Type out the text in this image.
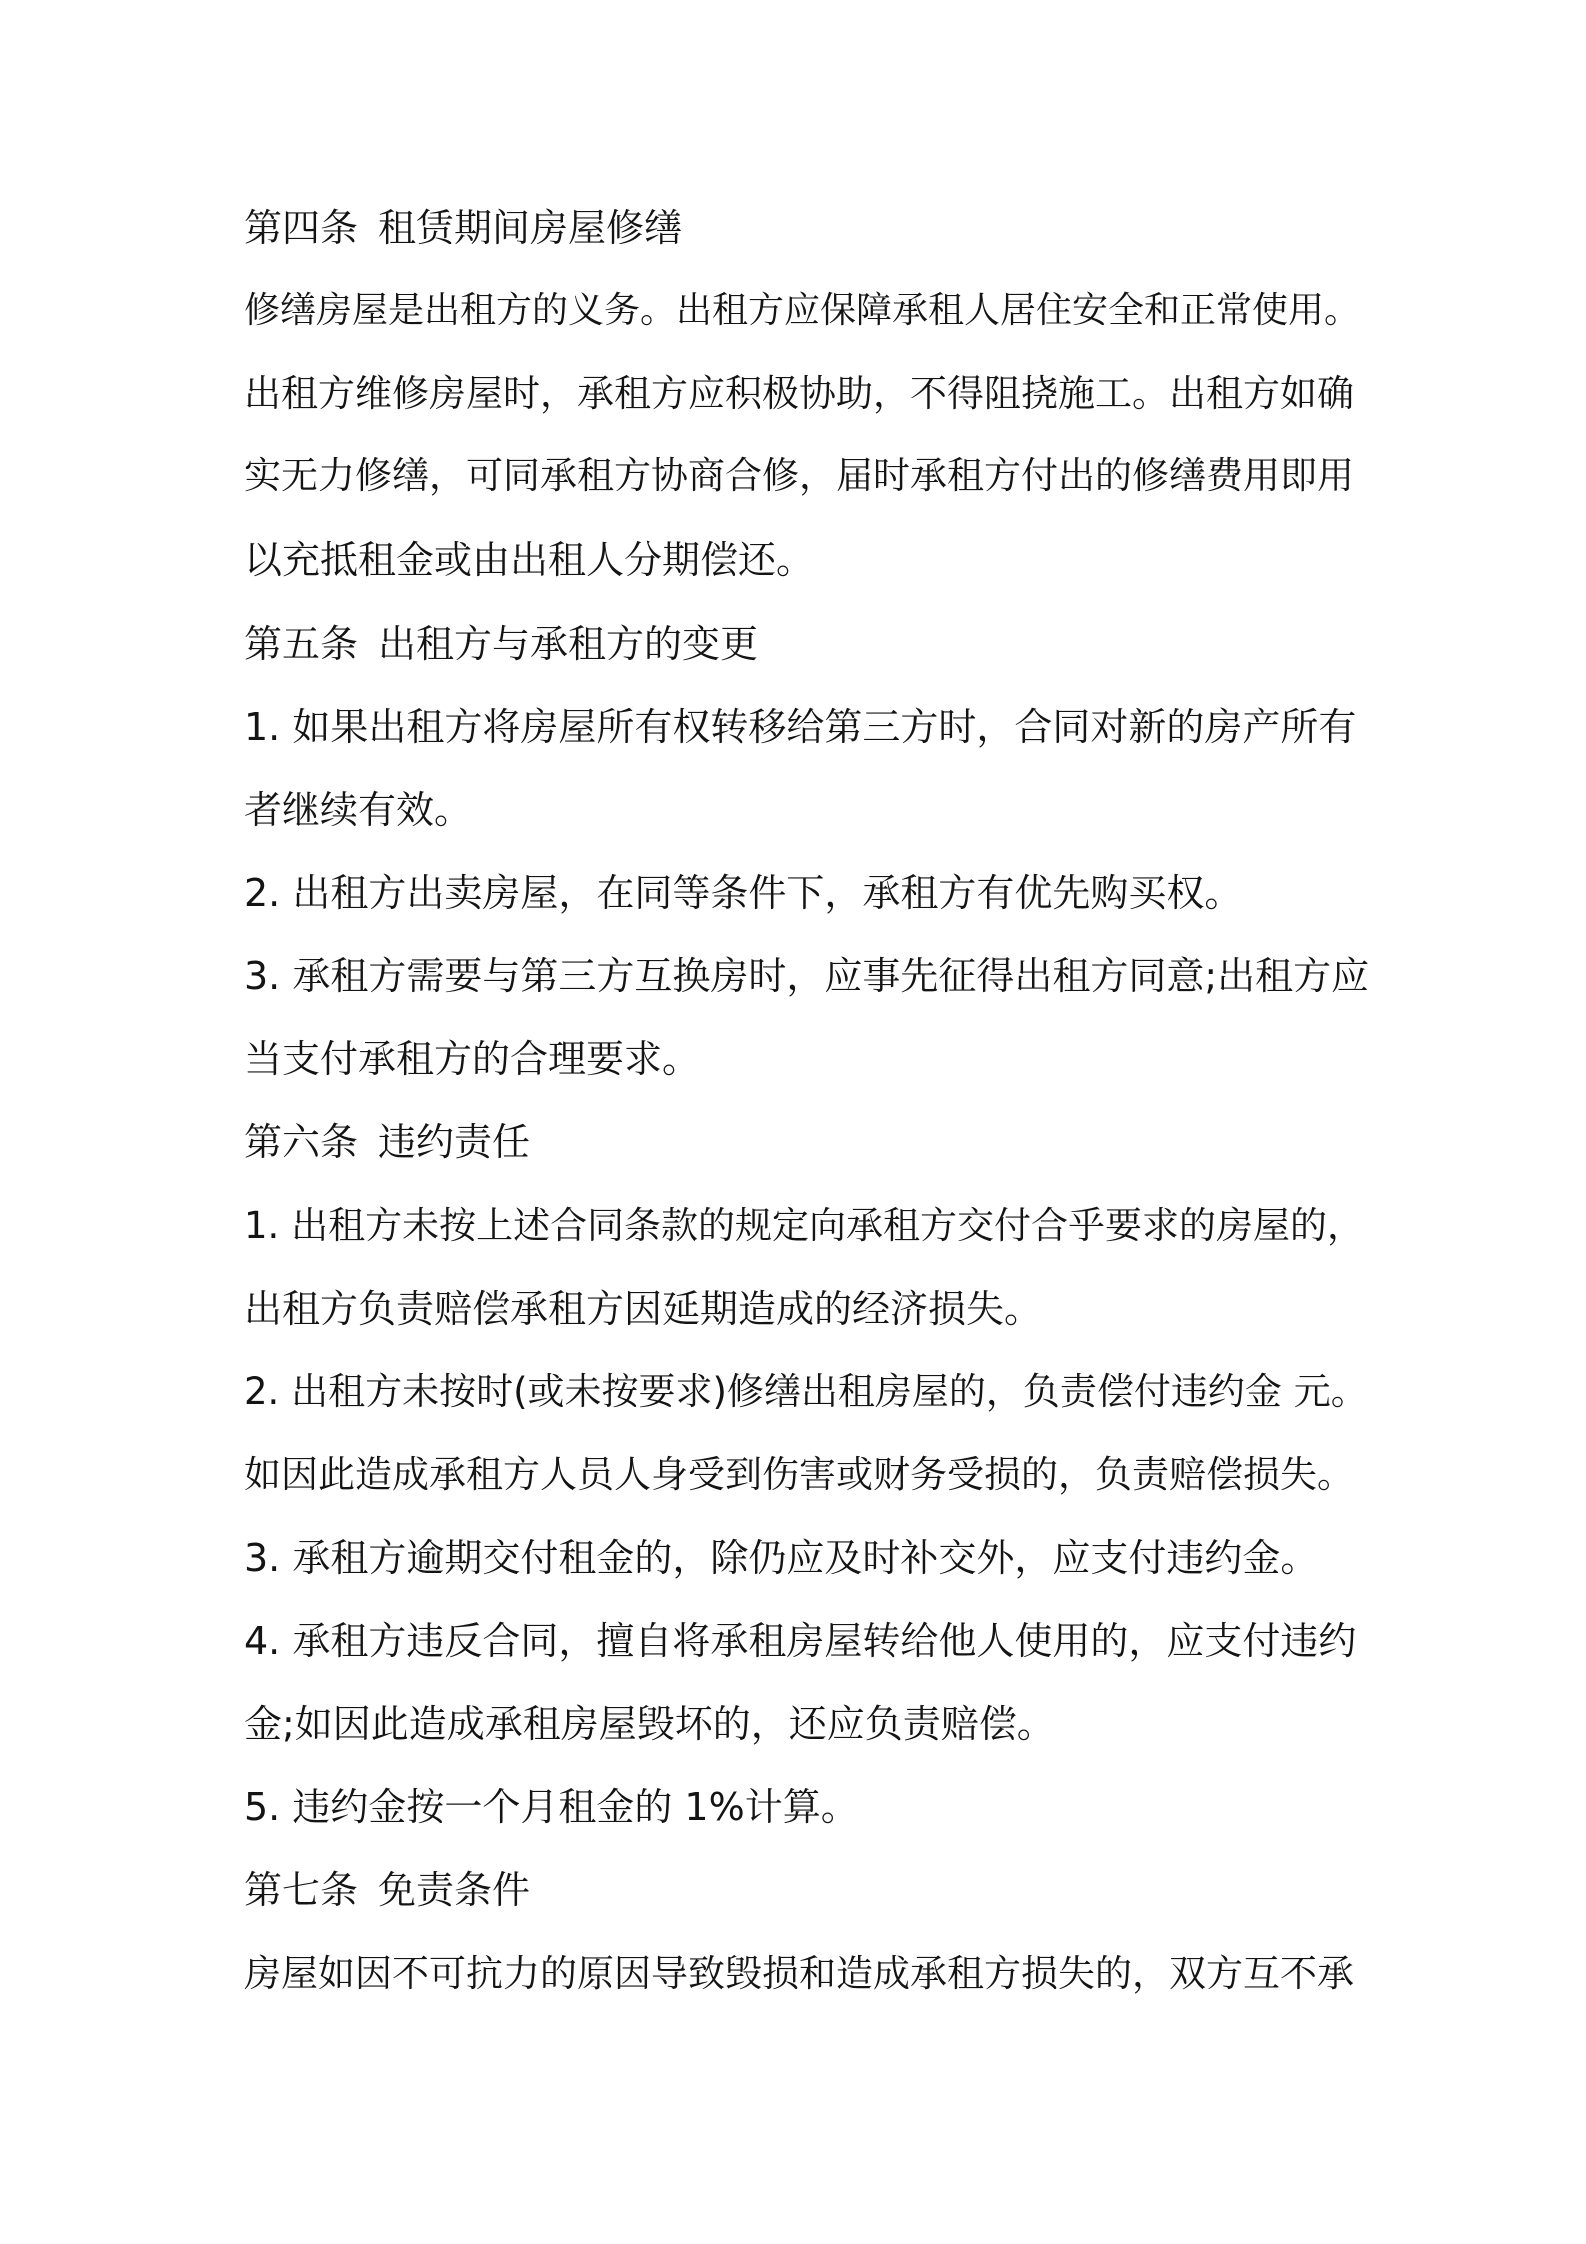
第四条 租赁期间房屋修缮

修缮房屋是出租方的义务。出租方应保障承租人居住安全和正常使用。

出租方维修房屋时，承租方应积极协助，不得阻挠施工。出租方如确

实无力修缮，可同承租方协商合修，届时承租方付出的修缮费用即用

以充抵租金或由出租人分期偿还。

第五条 出租方与承租方的变更

1. 如果出租方将房屋所有权转移给第三方时，合同对新的房产所有

者继续有效。

2. 出租方出卖房屋，在同等条件下，承租方有优先购买权。

3. 承租方需要与第三方互换房时，应事先征得出租方同意;出租方应

当支付承租方的合理要求。

第六条 违约责任

1. 出租方未按上述合同条款的规定向承租方交付合乎要求的房屋的，

出租方负责赔偿承租方因延期造成的经济损失。

2. 出租方未按时(或未按要求)修缮出租房屋的，负责偿付违约金 元。

如因此造成承租方人员人身受到伤害或财务受损的，负责赔偿损失。

3. 承租方逾期交付租金的，除仍应及时补交外，应支付违约金。

4. 承租方违反合同，擅自将承租房屋转给他人使用的，应支付违约

金;如因此造成承租房屋毁坏的，还应负责赔偿。

5. 违约金按一个月租金的 1%计算。

第七条 免责条件

房屋如因不可抗力的原因导致毁损和造成承租方损失的，双方互不承
